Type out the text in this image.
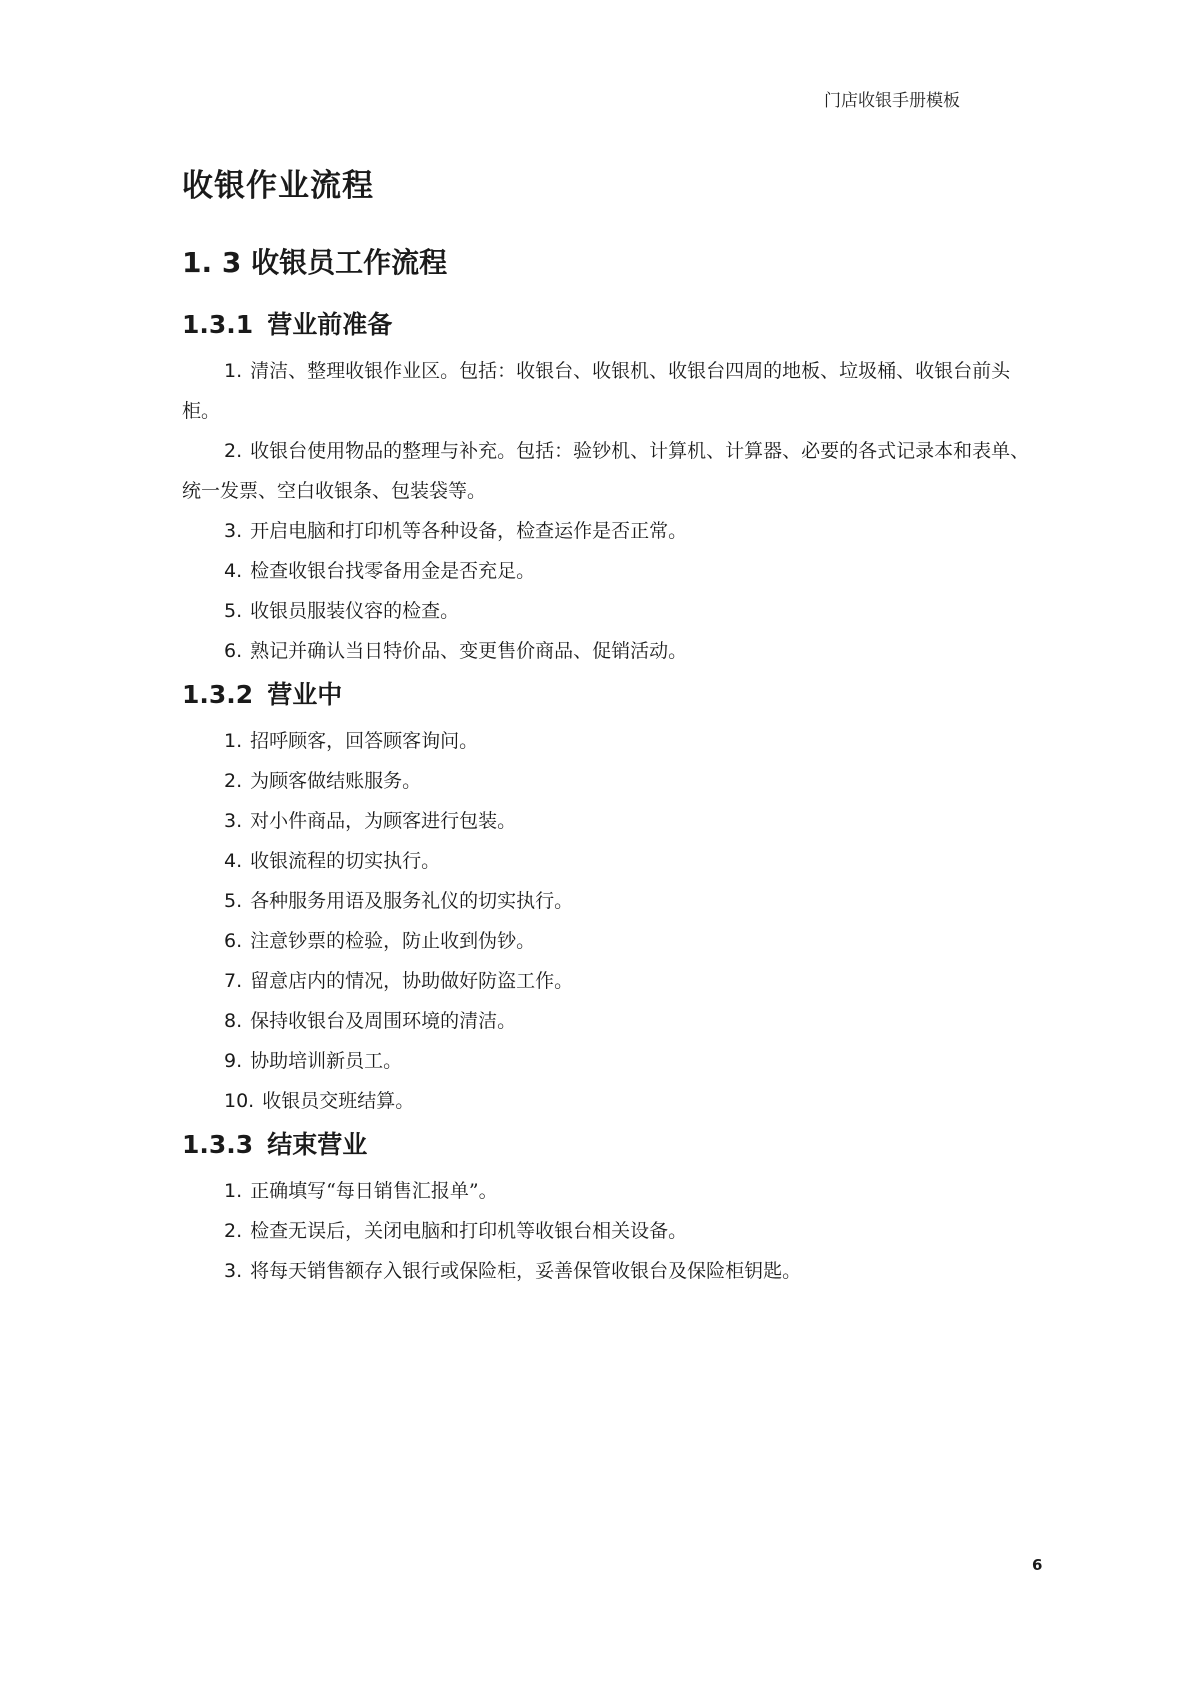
门店收银手册模板
收银作业流程
1. 3 收银员工作流程
1.3.1 营业前准备
1. 清洁、整理收银作业区。包括：收银台、收银机、收银台四周的地板、垃圾桶、收银台前头柜。
2. 收银台使用物品的整理与补充。包括：验钞机、计算机、计算器、必要的各式记录本和表单、统一发票、空白收银条、包装袋等。
3. 开启电脑和打印机等各种设备，检查运作是否正常。
4. 检查收银台找零备用金是否充足。
5. 收银员服装仪容的检查。
6. 熟记并确认当日特价品、变更售价商品、促销活动。
1.3.2 营业中
1. 招呼顾客，回答顾客询问。
2. 为顾客做结账服务。
3. 对小件商品，为顾客进行包装。
4. 收银流程的切实执行。
5. 各种服务用语及服务礼仪的切实执行。
6. 注意钞票的检验，防止收到伪钞。
7. 留意店内的情况，协助做好防盗工作。
8. 保持收银台及周围环境的清洁。
9. 协助培训新员工。
10. 收银员交班结算。
1.3.3 结束营业
1. 正确填写“每日销售汇报单”。
2. 检查无误后，关闭电脑和打印机等收银台相关设备。
3. 将每天销售额存入银行或保险柜，妥善保管收银台及保险柜钥匙。
6
